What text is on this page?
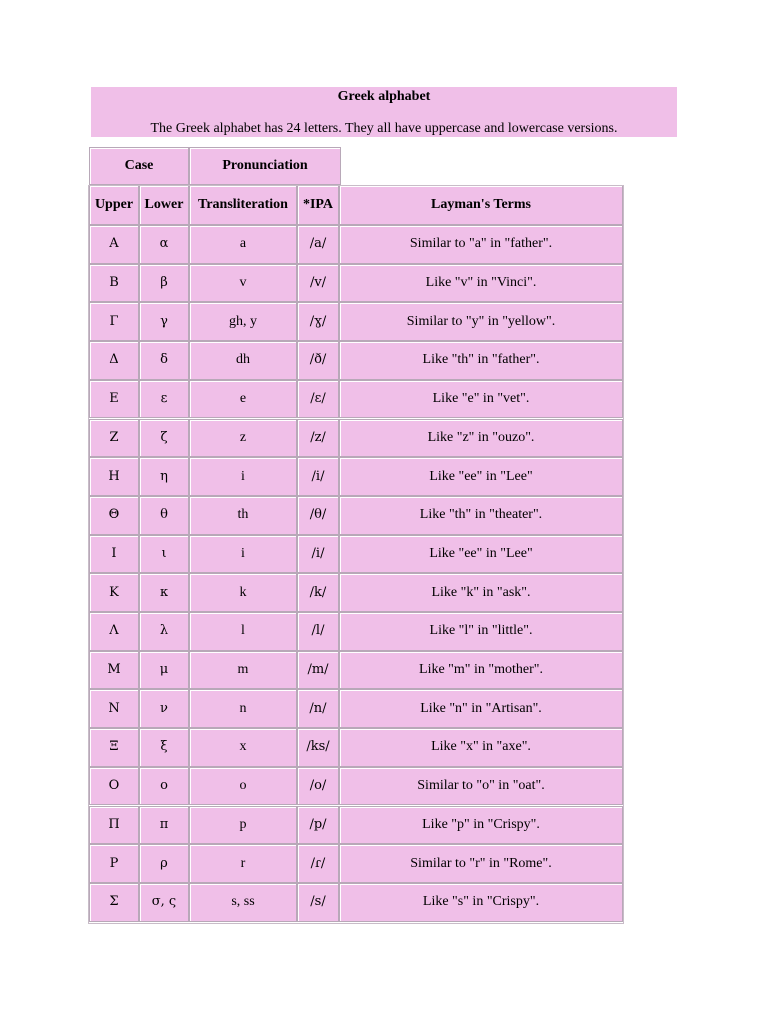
Greek alphabet
The Greek alphabet has 24 letters. They all have uppercase and lowercase versions.
Case	Pronunciation
Upper Lower	Transliteration	*IPA	Layman's Terms
Α	α	a	/a/	Similar to "a" in "father".
Β	β	v	/v/	Like "v" in "Vinci".
Γ	γ	gh, y	/ɣ/	Similar to "y" in "yellow".
Δ	δ	dh	/ð/	Like "th" in "father".
Ε	ε	e	/ɛ/	Like "e" in "vet".
Ζ	ζ	z	/z/	Like "z" in "ouzo".
Η	η	i	/i/	Like "ee" in "Lee"
Θ	θ	th	/θ/	Like "th" in "theater".
Ι	ι	i	/i/	Like "ee" in "Lee"
Κ	κ	k	/k/	Like "k" in "ask".
Λ	λ	l	/l/	Like "l" in "little".
Μ	μ	m	/m/	Like "m" in "mother".
Ν	ν	n	/n/	Like "n" in "Artisan".
Ξ	ξ	x	/ks/	Like "x" in "axe".
Ο	ο	o	/o/	Similar to "o" in "oat".
Π	π	p	/p/	Like "p" in "Crispy".
Ρ	ρ	r	/ɾ/	Similar to "r" in "Rome".
Σ	σ, ς	s, ss	/s/	Like "s" in "Crispy".
